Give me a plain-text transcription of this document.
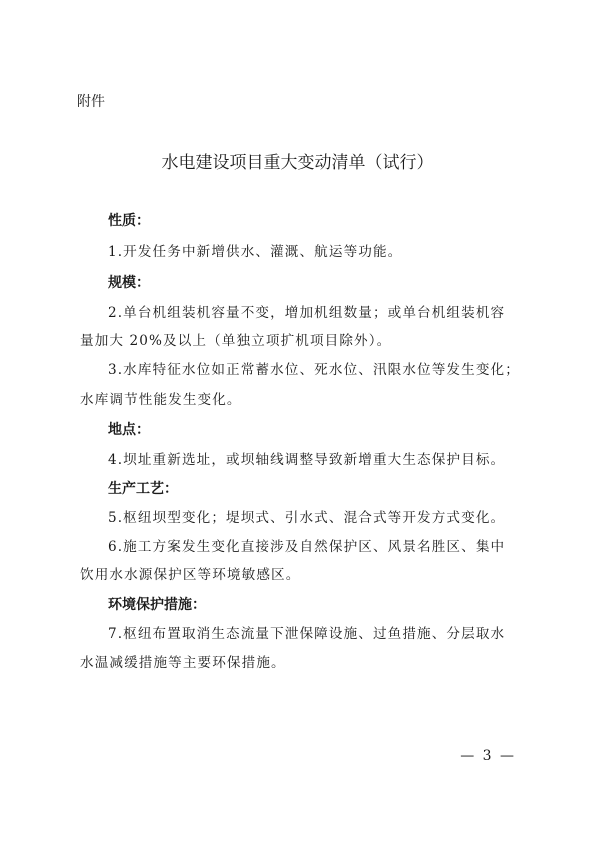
附件
水电建设项目重大变动清单（试行）
性质：
1.开发任务中新增供水、灌溉、航运等功能。
规模：
2.单台机组装机容量不变，增加机组数量；或单台机组装机容
量加大 20%及以上（单独立项扩机项目除外）。
3.水库特征水位如正常蓄水位、死水位、汛限水位等发生变化；
水库调节性能发生变化。
地点：
4.坝址重新选址，或坝轴线调整导致新增重大生态保护目标。
生产工艺：
5.枢纽坝型变化；堤坝式、引水式、混合式等开发方式变化。
6.施工方案发生变化直接涉及自然保护区、风景名胜区、集中
饮用水水源保护区等环境敏感区。
环境保护措施：
7.枢纽布置取消生态流量下泄保障设施、过鱼措施、分层取水
水温减缓措施等主要环保措施。
— 3 —
